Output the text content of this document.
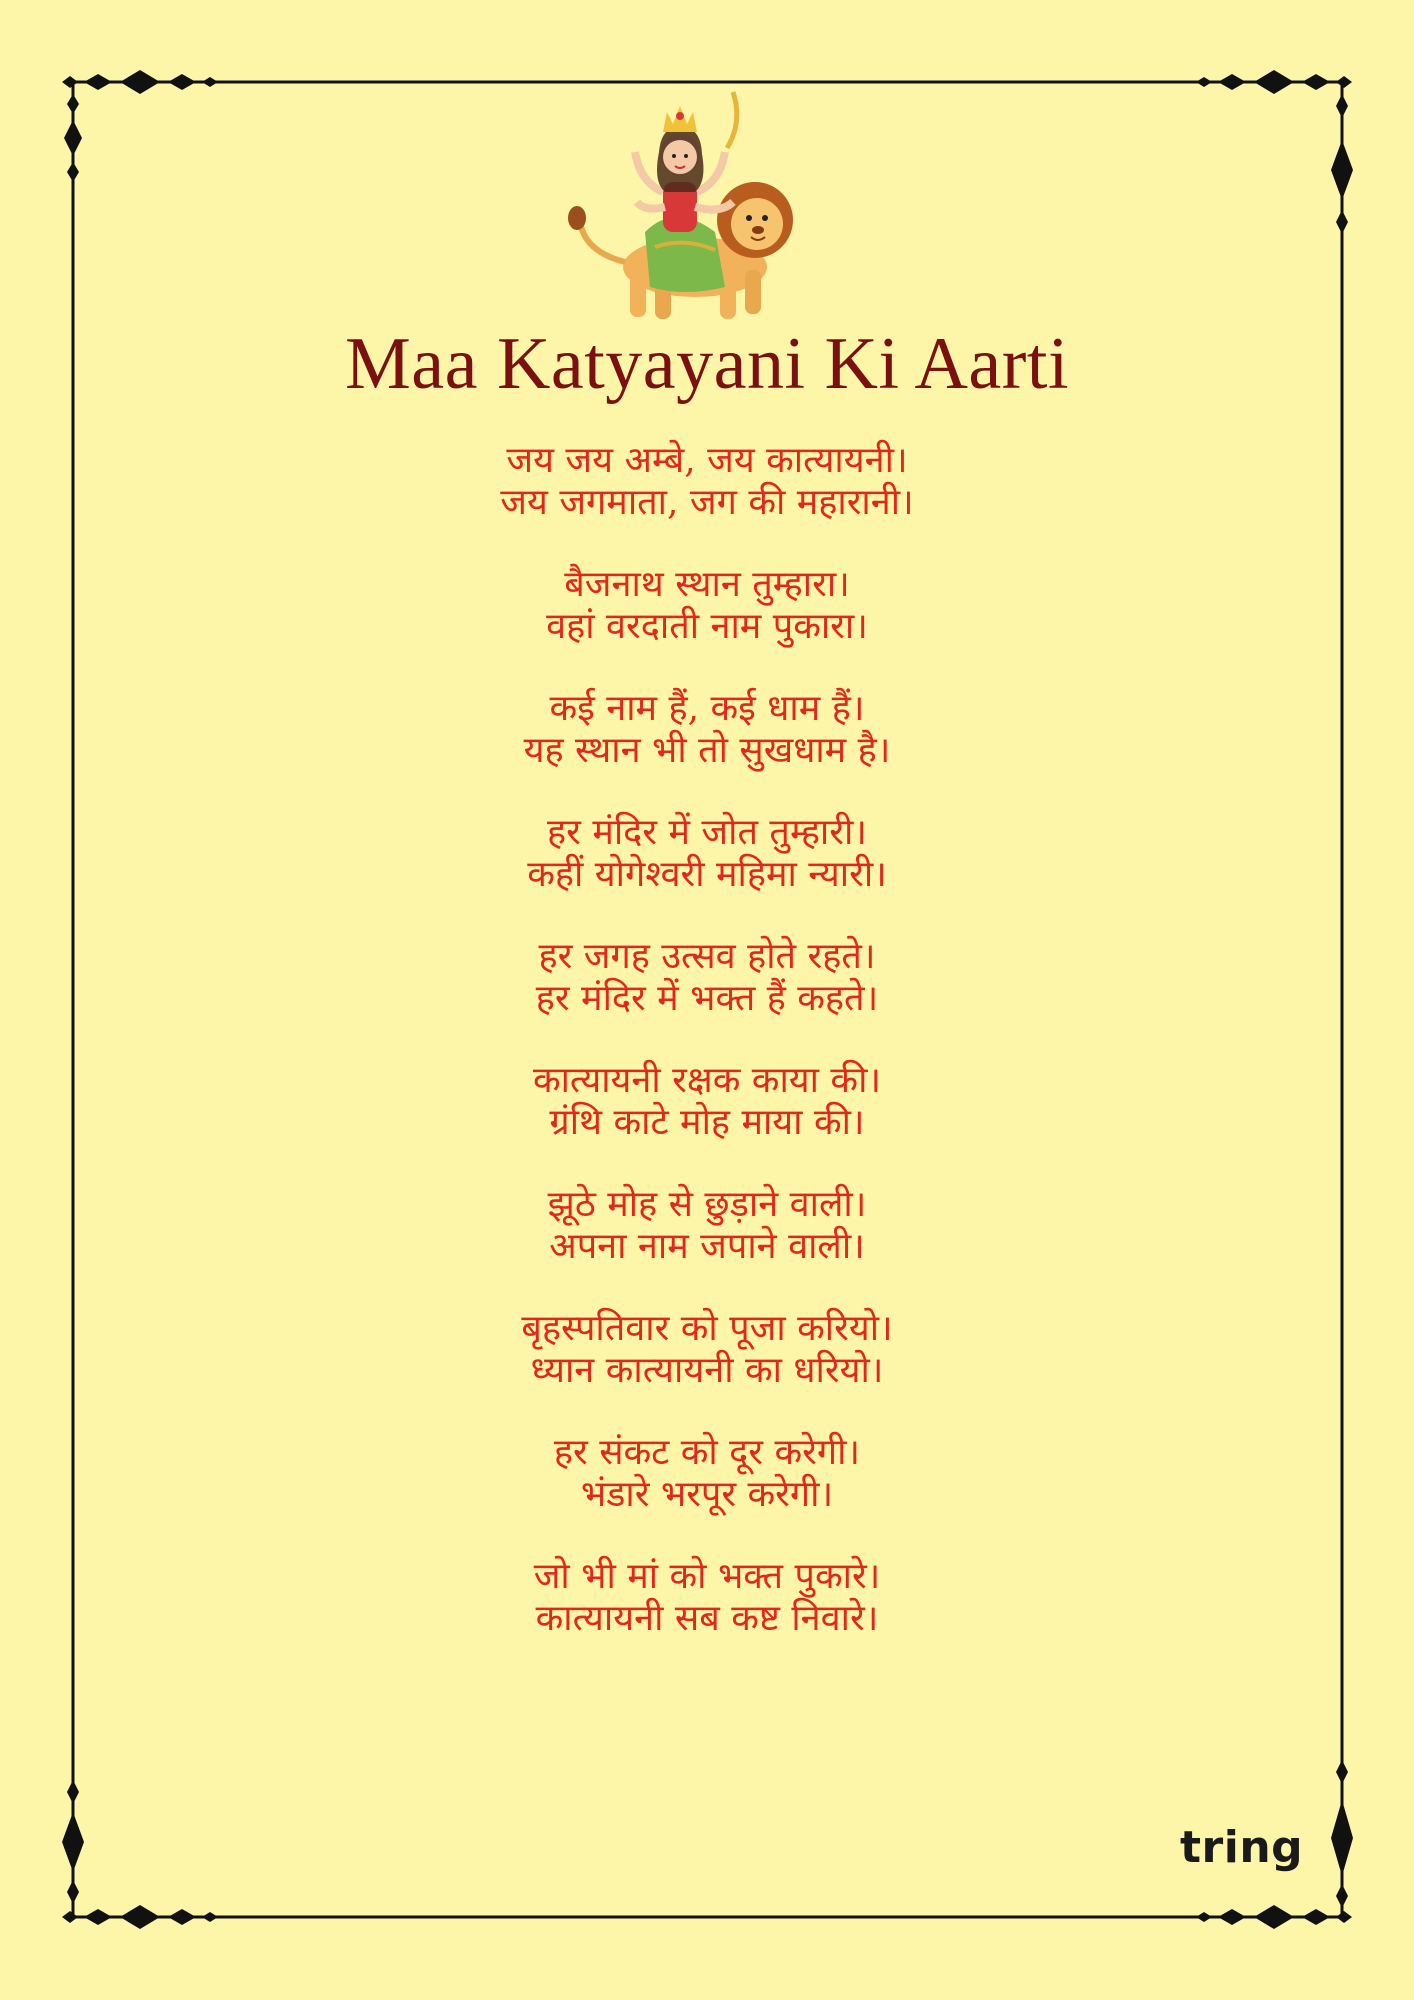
Maa Katyayani Ki Aarti
जय जय अम्बे, जय कात्यायनी।
जय जगमाता, जग की महारानी।
बैजनाथ स्थान तुम्हारा।
वहां वरदाती नाम पुकारा।
कई नाम हैं, कई धाम हैं।
यह स्थान भी तो सुखधाम है।
हर मंदिर में जोत तुम्हारी।
कहीं योगेश्वरी महिमा न्यारी।
हर जगह उत्सव होते रहते।
हर मंदिर में भक्त हैं कहते।
कात्यायनी रक्षक काया की।
ग्रंथि काटे मोह माया की।
झूठे मोह से छुड़ाने वाली।
अपना नाम जपाने वाली।
बृहस्पतिवार को पूजा करियो।
ध्यान कात्यायनी का धरियो।
हर संकट को दूर करेगी।
भंडारे भरपूर करेगी।
जो भी मां को भक्त पुकारे।
कात्यायनी सब कष्ट निवारे।
tring
